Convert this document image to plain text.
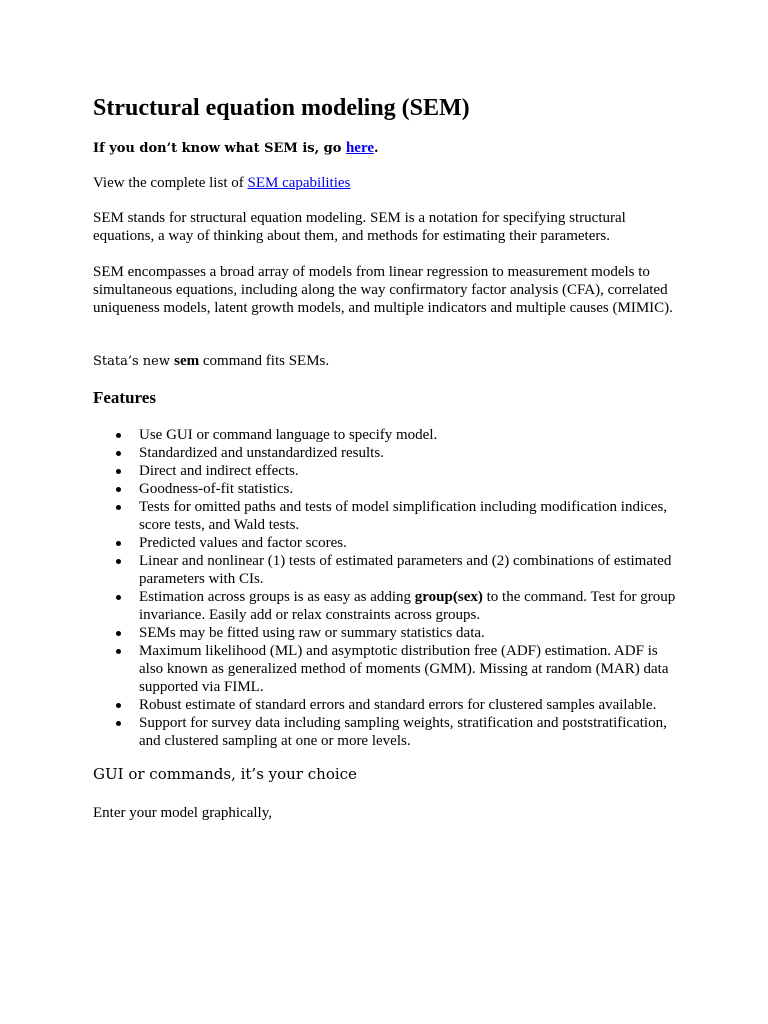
Structural equation modeling (SEM)
If you don’t know what SEM is, go here.

View the complete list of SEM capabilities

SEM stands for structural equation modeling. SEM is a notation for specifying structural equations, a way of thinking about them, and methods for estimating their parameters.

SEM encompasses a broad array of models from linear regression to measurement models to simultaneous equations, including along the way confirmatory factor analysis (CFA), correlated uniqueness models, latent growth models, and multiple indicators and multiple causes (MIMIC).

Stata’s new sem command fits SEMs.

Features
Use GUI or command language to specify model.
Standardized and unstandardized results.
Direct and indirect effects.
Goodness-of-fit statistics.
Tests for omitted paths and tests of model simplification including modification indices, score tests, and Wald tests.
Predicted values and factor scores.
Linear and nonlinear (1) tests of estimated parameters and (2) combinations of estimated parameters with CIs.
Estimation across groups is as easy as adding group(sex) to the command. Test for group invariance. Easily add or relax constraints across groups.
SEMs may be fitted using raw or summary statistics data.
Maximum likelihood (ML) and asymptotic distribution free (ADF) estimation. ADF is also known as generalized method of moments (GMM). Missing at random (MAR) data supported via FIML.
Robust estimate of standard errors and standard errors for clustered samples available.
Support for survey data including sampling weights, stratification and poststratification, and clustered sampling at one or more levels.
GUI or commands, it’s your choice

Enter your model graphically,
